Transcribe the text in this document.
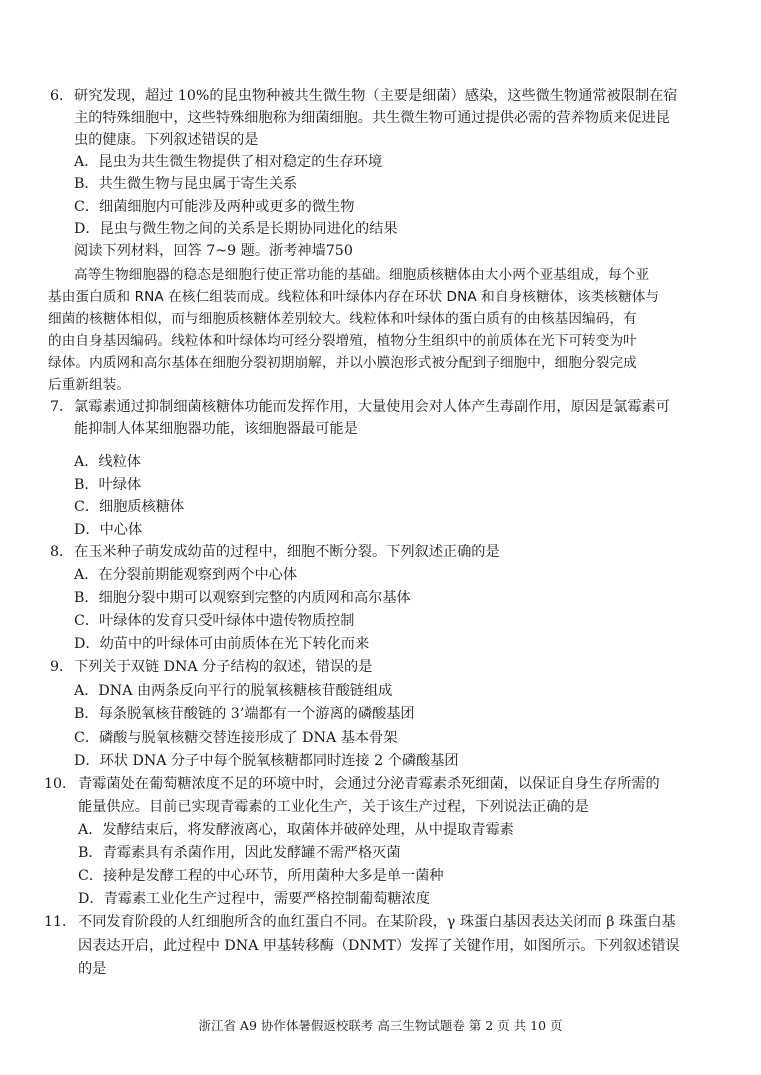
6． 研究发现，超过 10%的昆虫物种被共生微生物（主要是细菌）感染，这些微生物通常被限制在宿
主的特殊细胞中，这些特殊细胞称为细菌细胞。共生微生物可通过提供必需的营养物质来促进昆
虫的健康。下列叙述错误的是
A．昆虫为共生微生物提供了相对稳定的生存环境
B．共生微生物与昆虫属于寄生关系
C．细菌细胞内可能涉及两种或更多的微生物
D．昆虫与微生物之间的关系是长期协同进化的结果
阅读下列材料，回答 7~9 题。浙考神墙750
高等生物细胞器的稳态是细胞行使正常功能的基础。细胞质核糖体由大小两个亚基组成，每个亚
基由蛋白质和 RNA 在核仁组装而成。线粒体和叶绿体内存在环状 DNA 和自身核糖体，该类核糖体与
细菌的核糖体相似，而与细胞质核糖体差别较大。线粒体和叶绿体的蛋白质有的由核基因编码，有
的由自身基因编码。线粒体和叶绿体均可经分裂增殖，植物分生组织中的前质体在光下可转变为叶
绿体。内质网和高尔基体在细胞分裂初期崩解，并以小膜泡形式被分配到子细胞中，细胞分裂完成
后重新组装。
7． 氯霉素通过抑制细菌核糖体功能而发挥作用，大量使用会对人体产生毒副作用，原因是氯霉素可
能抑制人体某细胞器功能，该细胞器最可能是
A．线粒体
B．叶绿体
C．细胞质核糖体
D．中心体
8． 在玉米种子萌发成幼苗的过程中，细胞不断分裂。下列叙述正确的是
A．在分裂前期能观察到两个中心体
B．细胞分裂中期可以观察到完整的内质网和高尔基体
C．叶绿体的发育只受叶绿体中遗传物质控制
D．幼苗中的叶绿体可由前质体在光下转化而来
9． 下列关于双链 DNA 分子结构的叙述，错误的是
A．DNA 由两条反向平行的脱氧核糖核苷酸链组成
B．每条脱氧核苷酸链的 3’端都有一个游离的磷酸基团
C．磷酸与脱氧核糖交替连接形成了 DNA 基本骨架
D．环状 DNA 分子中每个脱氧核糖都同时连接 2 个磷酸基团
10． 青霉菌处在葡萄糖浓度不足的环境中时，会通过分泌青霉素杀死细菌，以保证自身生存所需的
能量供应。目前已实现青霉素的工业化生产，关于该生产过程，下列说法正确的是
A．发酵结束后，将发酵液离心，取菌体并破碎处理，从中提取青霉素
B．青霉素具有杀菌作用，因此发酵罐不需严格灭菌
C．接种是发酵工程的中心环节，所用菌种大多是单一菌种
D．青霉素工业化生产过程中，需要严格控制葡萄糖浓度
11． 不同发育阶段的人红细胞所含的血红蛋白不同。在某阶段，γ 珠蛋白基因表达关闭而 β 珠蛋白基
因表达开启，此过程中 DNA 甲基转移酶（DNMT）发挥了关键作用，如图所示。下列叙述错误
的是
浙江省 A9 协作体暑假返校联考 高三生物试题卷 第 2 页 共 10 页
